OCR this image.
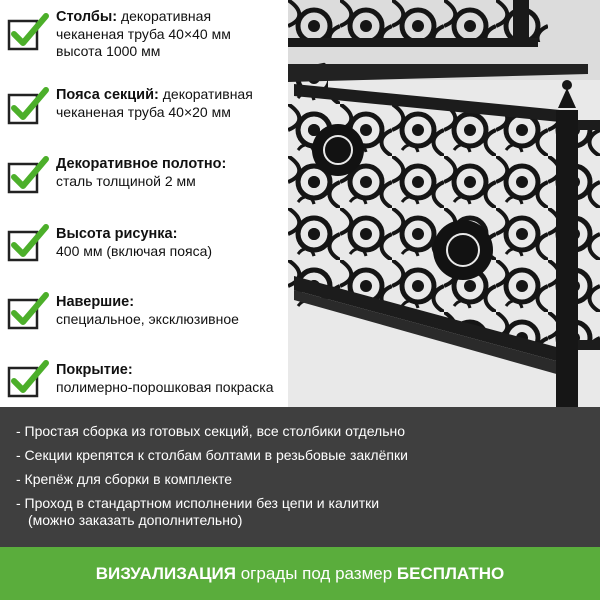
Столбы: декоративная
чеканеная труба 40×40 мм
высота 1000 мм
Пояса секций: декоративная
чеканеная труба 40×20 мм
Декоративное полотно:
сталь толщиной 2 мм
Высота рисунка:
400 мм (включая пояса)
Навершие:
специальное, эксклюзивное
Покрытие:
полимерно-порошковая покраска
- Простая сборка из готовых секций, все столбики отдельно
- Секции крепятся к столбам болтами в резьбовые заклёпки
- Крепёж для сборки в комплекте
- Проход в стандартном исполнении без цепи и калитки
(можно заказать дополнительно)
ВИЗУАЛИЗАЦИЯ ограды под размер БЕСПЛАТНО
